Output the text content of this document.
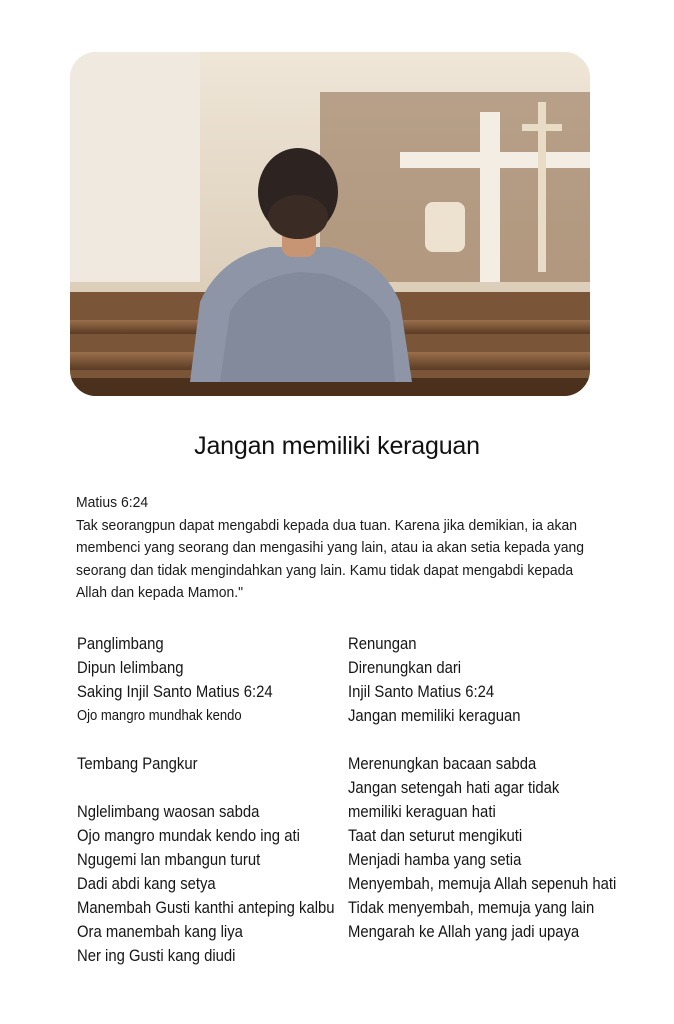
Jangan memiliki keraguan
Matius 6:24
Tak seorangpun dapat mengabdi kepada dua tuan. Karena jika demikian, ia akan
membenci yang seorang dan mengasihi yang lain, atau ia akan setia kepada yang
seorang dan tidak mengindahkan yang lain. Kamu tidak dapat mengabdi kepada
Allah dan kepada Mamon."
Panglimbang
Dipun lelimbang
Saking Injil Santo Matius 6:24
Ojo mangro mundhak kendo
Tembang Pangkur
Nglelimbang waosan sabda
Ojo mangro mundak kendo ing ati
Ngugemi lan mbangun turut
Dadi abdi kang setya
Manembah Gusti kanthi anteping kalbu
Ora manembah kang liya
Ner ing Gusti kang diudi
Renungan
Direnungkan dari
Injil Santo Matius 6:24
Jangan memiliki keraguan
Merenungkan bacaan sabda
Jangan setengah hati agar tidak
memiliki keraguan hati
Taat dan seturut mengikuti
Menjadi hamba yang setia
Menyembah, memuja Allah sepenuh hati
Tidak menyembah, memuja yang lain
Mengarah ke Allah yang jadi upaya
